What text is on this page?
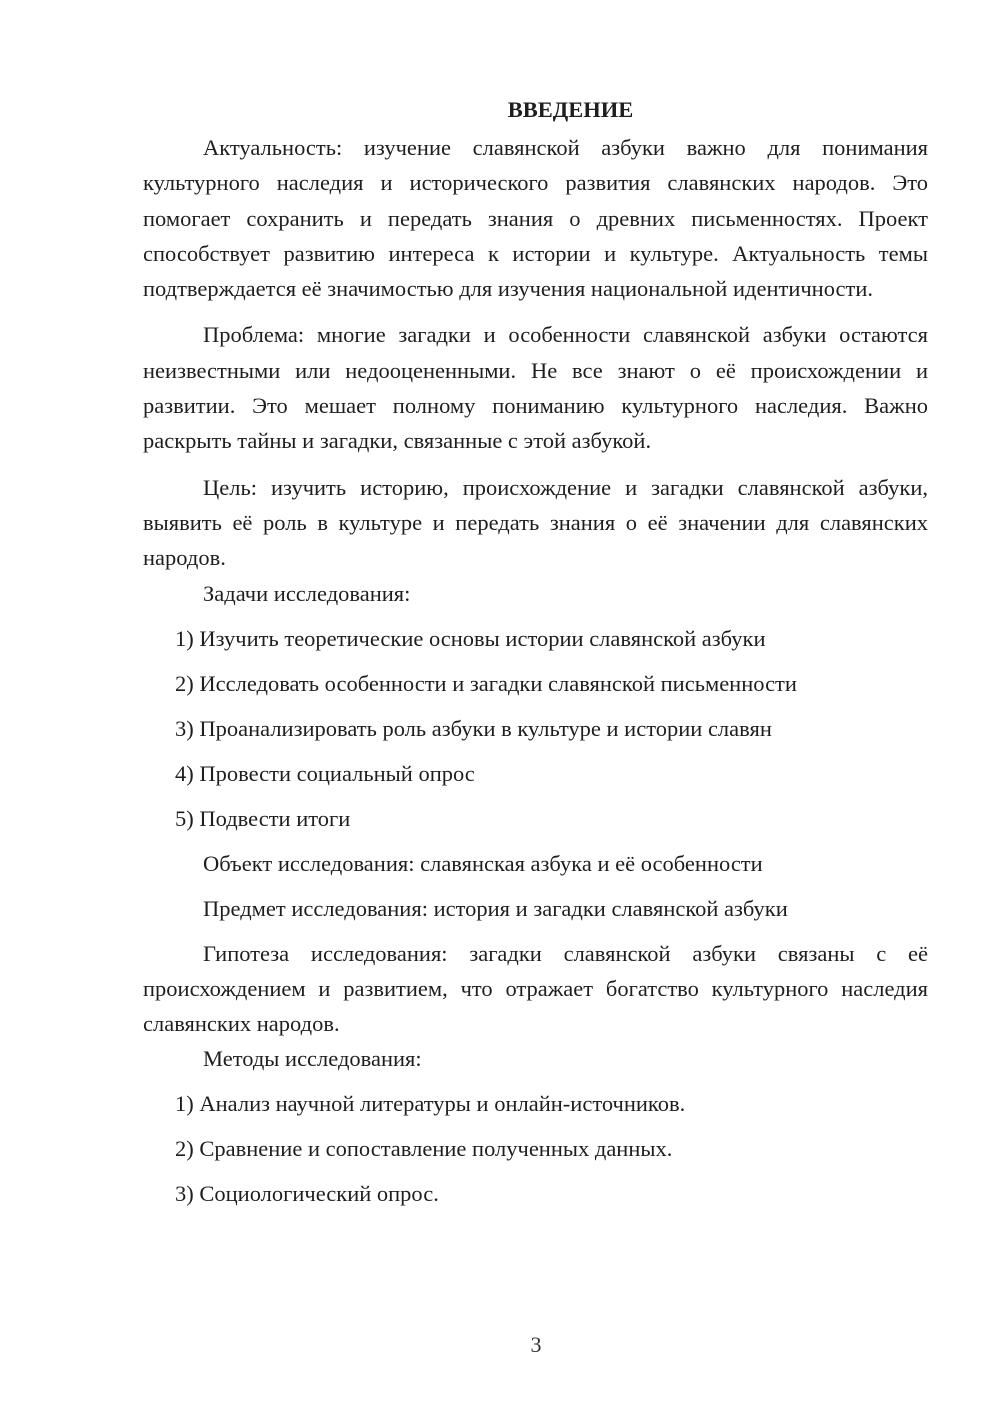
ВВЕДЕНИЕ

Актуальность: изучение славянской азбуки важно для понимания культурного наследия и исторического развития славянских народов. Это помогает сохранить и передать знания о древних письменностях. Проект способствует развитию интереса к истории и культуре. Актуальность темы подтверждается её значимостью для изучения национальной идентичности.

Проблема: многие загадки и особенности славянской азбуки остаются неизвестными или недооцененными. Не все знают о её происхождении и развитии. Это мешает полному пониманию культурного наследия. Важно раскрыть тайны и загадки, связанные с этой азбукой.

Цель: изучить историю, происхождение и загадки славянской азбуки, выявить её роль в культуре и передать знания о её значении для славянских народов.

Задачи исследования:

1) Изучить теоретические основы истории славянской азбуки

2) Исследовать особенности и загадки славянской письменности

3) Проанализировать роль азбуки в культуре и истории славян

4) Провести социальный опрос

5) Подвести итоги

Объект исследования: славянская азбука и её особенности

Предмет исследования: история и загадки славянской азбуки

Гипотеза исследования: загадки славянской азбуки связаны с её происхождением и развитием, что отражает богатство культурного наследия славянских народов.

Методы исследования:

1) Анализ научной литературы и онлайн-источников.

2) Сравнение и сопоставление полученных данных.

3) Социологический опрос.

3
